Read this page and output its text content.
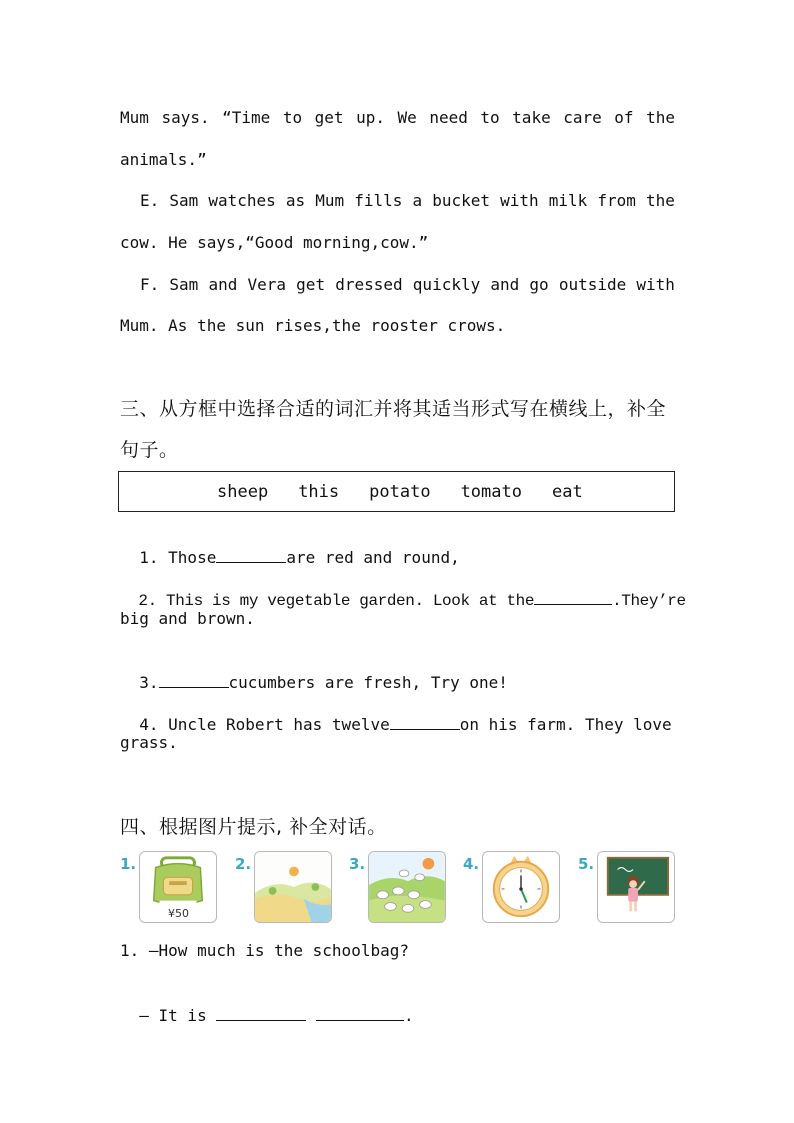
Mum says. “Time to get up. We need to take care of the
animals.”
E. Sam watches as Mum fills a bucket with milk from the
cow. He says,“Good morning,cow.”
F. Sam and Vera get dressed quickly and go outside with
Mum. As the sun rises,the rooster crows.
三、从方框中选择合适的词汇并将其适当形式写在横线上，补全
句子。
sheep this potato tomato eat

1. Those	are red and round,

2. This is my vegetable garden. Look at the	.They’re

big and brown.

3.	cucumbers are fresh, Try one!

4. Uncle Robert has twelve	on his farm. They love

grass.
四、根据图片提示, 补全对话。
1.
¥50
2.	3.	4.	5.
1. —How much is the schoolbag?

— It is	.
